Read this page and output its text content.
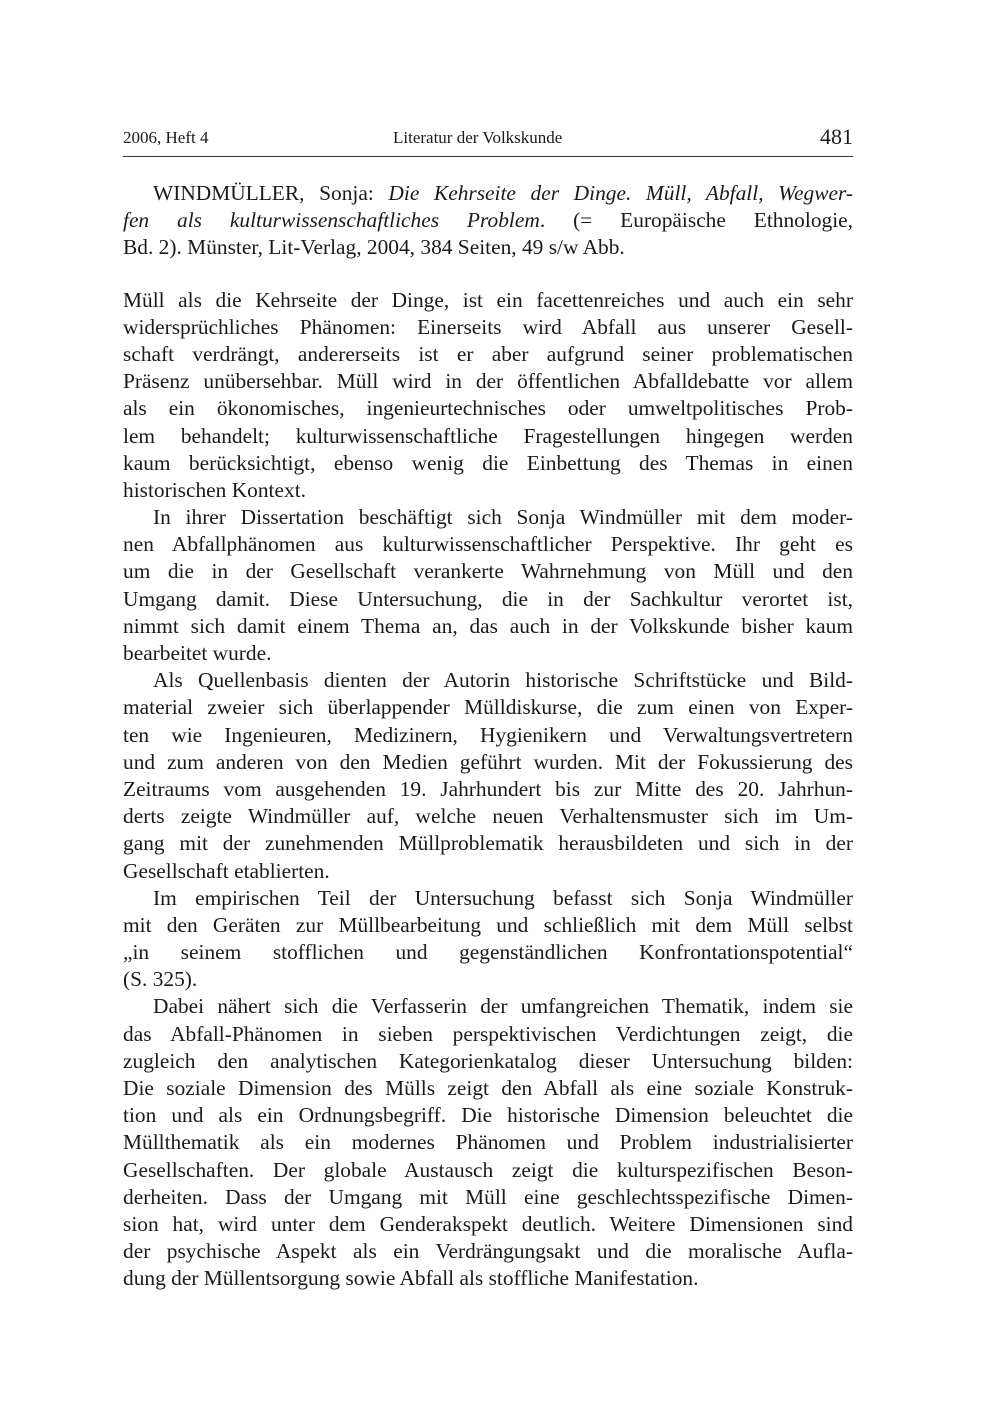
2006, Heft 4	Literatur der Volkskunde	481
WINDMÜLLER, Sonja: Die Kehrseite der Dinge. Müll, Abfall, Wegwer-
fen als kulturwissenschaftliches Problem. (= Europäische Ethnologie,
Bd. 2). Münster, Lit-Verlag, 2004, 384 Seiten, 49 s/w Abb.
Müll als die Kehrseite der Dinge, ist ein facettenreiches und auch ein sehr
widersprüchliches Phänomen: Einerseits wird Abfall aus unserer Gesell-
schaft verdrängt, andererseits ist er aber aufgrund seiner problematischen
Präsenz unübersehbar. Müll wird in der öffentlichen Abfalldebatte vor allem
als ein ökonomisches, ingenieurtechnisches oder umweltpolitisches Prob-
lem behandelt; kulturwissenschaftliche Fragestellungen hingegen werden
kaum berücksichtigt, ebenso wenig die Einbettung des Themas in einen
historischen Kontext.
In ihrer Dissertation beschäftigt sich Sonja Windmüller mit dem moder-
nen Abfallphänomen aus kulturwissenschaftlicher Perspektive. Ihr geht es
um die in der Gesellschaft verankerte Wahrnehmung von Müll und den
Umgang damit. Diese Untersuchung, die in der Sachkultur verortet ist,
nimmt sich damit einem Thema an, das auch in der Volkskunde bisher kaum
bearbeitet wurde.
Als Quellenbasis dienten der Autorin historische Schriftstücke und Bild-
material zweier sich überlappender Mülldiskurse, die zum einen von Exper-
ten wie Ingenieuren, Medizinern, Hygienikern und Verwaltungsvertretern
und zum anderen von den Medien geführt wurden. Mit der Fokussierung des
Zeitraums vom ausgehenden 19. Jahrhundert bis zur Mitte des 20. Jahrhun-
derts zeigte Windmüller auf, welche neuen Verhaltensmuster sich im Um-
gang mit der zunehmenden Müllproblematik herausbildeten und sich in der
Gesellschaft etablierten.
Im empirischen Teil der Untersuchung befasst sich Sonja Windmüller
mit den Geräten zur Müllbearbeitung und schließlich mit dem Müll selbst
„in seinem stofflichen und gegenständlichen Konfrontationspotential“
(S. 325).
Dabei nähert sich die Verfasserin der umfangreichen Thematik, indem sie
das Abfall-Phänomen in sieben perspektivischen Verdichtungen zeigt, die
zugleich den analytischen Kategorienkatalog dieser Untersuchung bilden:
Die soziale Dimension des Mülls zeigt den Abfall als eine soziale Konstruk-
tion und als ein Ordnungsbegriff. Die historische Dimension beleuchtet die
Müllthematik als ein modernes Phänomen und Problem industrialisierter
Gesellschaften. Der globale Austausch zeigt die kulturspezifischen Beson-
derheiten. Dass der Umgang mit Müll eine geschlechtsspezifische Dimen-
sion hat, wird unter dem Genderakspekt deutlich. Weitere Dimensionen sind
der psychische Aspekt als ein Verdrängungsakt und die moralische Aufla-
dung der Müllentsorgung sowie Abfall als stoffliche Manifestation.
